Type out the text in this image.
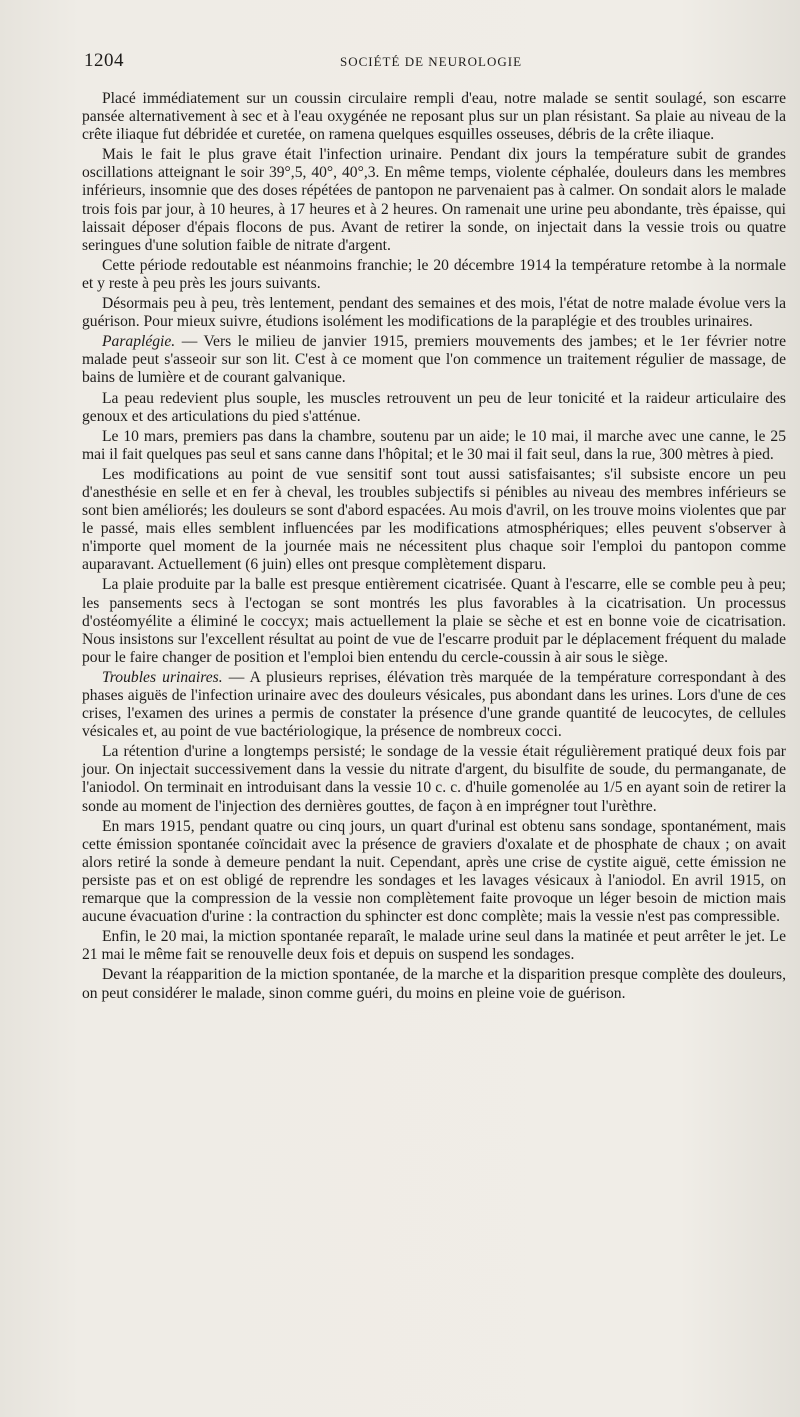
1204	SOCIÉTÉ DE NEUROLOGIE

Placé immédiatement sur un coussin circulaire rempli d'eau, notre malade se sentit soulagé, son escarre pansée alternativement à sec et à l'eau oxygénée ne reposant plus sur un plan résistant. Sa plaie au niveau de la crête iliaque fut débridée et curetée, on ramena quelques esquilles osseuses, débris de la crête iliaque.

Mais le fait le plus grave était l'infection urinaire. Pendant dix jours la température subit de grandes oscillations atteignant le soir 39°,5, 40°, 40°,3. En même temps, violente céphalée, douleurs dans les membres inférieurs, insomnie que des doses répétées de pantopon ne parvenaient pas à calmer. On sondait alors le malade trois fois par jour, à 10 heures, à 17 heures et à 2 heures. On ramenait une urine peu abondante, très épaisse, qui laissait déposer d'épais flocons de pus. Avant de retirer la sonde, on injectait dans la vessie trois ou quatre seringues d'une solution faible de nitrate d'argent.

Cette période redoutable est néanmoins franchie; le 20 décembre 1914 la température retombe à la normale et y reste à peu près les jours suivants.

Désormais peu à peu, très lentement, pendant des semaines et des mois, l'état de notre malade évolue vers la guérison. Pour mieux suivre, étudions isolément les modifications de la paraplégie et des troubles urinaires.

Paraplégie. — Vers le milieu de janvier 1915, premiers mouvements des jambes; et le 1er février notre malade peut s'asseoir sur son lit. C'est à ce moment que l'on commence un traitement régulier de massage, de bains de lumière et de courant galvanique.

La peau redevient plus souple, les muscles retrouvent un peu de leur tonicité et la raideur articulaire des genoux et des articulations du pied s'atténue.

Le 10 mars, premiers pas dans la chambre, soutenu par un aide; le 10 mai, il marche avec une canne, le 25 mai il fait quelques pas seul et sans canne dans l'hôpital; et le 30 mai il fait seul, dans la rue, 300 mètres à pied.

Les modifications au point de vue sensitif sont tout aussi satisfaisantes; s'il subsiste encore un peu d'anesthésie en selle et en fer à cheval, les troubles subjectifs si pénibles au niveau des membres inférieurs se sont bien améliorés; les douleurs se sont d'abord espacées. Au mois d'avril, on les trouve moins violentes que par le passé, mais elles semblent influencées par les modifications atmosphériques; elles peuvent s'observer à n'importe quel moment de la journée mais ne nécessitent plus chaque soir l'emploi du pantopon comme auparavant. Actuellement (6 juin) elles ont presque complètement disparu.

La plaie produite par la balle est presque entièrement cicatrisée. Quant à l'escarre, elle se comble peu à peu; les pansements secs à l'ectogan se sont montrés les plus favorables à la cicatrisation. Un processus d'ostéomyélite a éliminé le coccyx; mais actuellement la plaie se sèche et est en bonne voie de cicatrisation. Nous insistons sur l'excellent résultat au point de vue de l'escarre produit par le déplacement fréquent du malade pour le faire changer de position et l'emploi bien entendu du cercle-coussin à air sous le siège.

Troubles urinaires. — A plusieurs reprises, élévation très marquée de la température correspondant à des phases aiguës de l'infection urinaire avec des douleurs vésicales, pus abondant dans les urines. Lors d'une de ces crises, l'examen des urines a permis de constater la présence d'une grande quantité de leucocytes, de cellules vésicales et, au point de vue bactériologique, la présence de nombreux cocci.

La rétention d'urine a longtemps persisté; le sondage de la vessie était régulièrement pratiqué deux fois par jour. On injectait successivement dans la vessie du nitrate d'argent, du bisulfite de soude, du permanganate, de l'aniodol. On terminait en introduisant dans la vessie 10 c. c. d'huile gomenolée au 1/5 en ayant soin de retirer la sonde au moment de l'injection des dernières gouttes, de façon à en imprégner tout l'urèthre.

En mars 1915, pendant quatre ou cinq jours, un quart d'urinal est obtenu sans sondage, spontanément, mais cette émission spontanée coïncidait avec la présence de graviers d'oxalate et de phosphate de chaux ; on avait alors retiré la sonde à demeure pendant la nuit. Cependant, après une crise de cystite aiguë, cette émission ne persiste pas et on est obligé de reprendre les sondages et les lavages vésicaux à l'aniodol. En avril 1915, on remarque que la compression de la vessie non complètement faite provoque un léger besoin de miction mais aucune évacuation d'urine : la contraction du sphincter est donc complète; mais la vessie n'est pas compressible.

Enfin, le 20 mai, la miction spontanée reparaît, le malade urine seul dans la matinée et peut arrêter le jet. Le 21 mai le même fait se renouvelle deux fois et depuis on suspend les sondages.

Devant la réapparition de la miction spontanée, de la marche et la disparition presque complète des douleurs, on peut considérer le malade, sinon comme guéri, du moins en pleine voie de guérison.
